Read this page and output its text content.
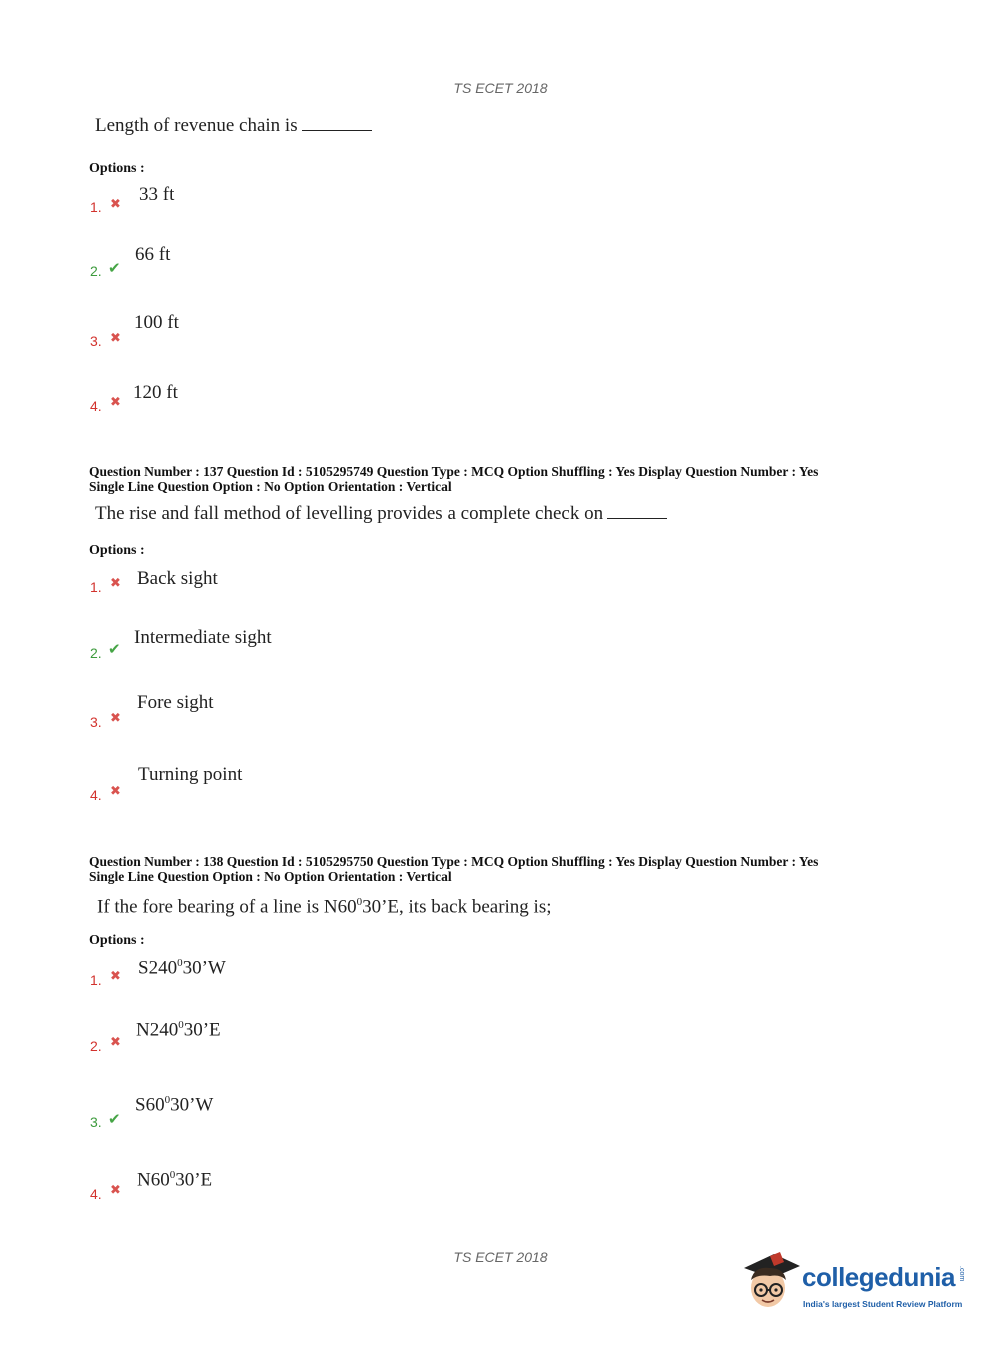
TS ECET 2018
Length of revenue chain is
Options :
1. ✖ 33 ft
2. ✔
66 ft
3. ✖
100 ft
4. ✖ 120 ft
Question Number : 137 Question Id : 5105295749 Question Type : MCQ Option Shuffling : Yes Display Question Number : Yes
Single Line Question Option : No Option Orientation : Vertical
The rise and fall method of levelling provides a complete check on
Options :
1. ✖ Back sight
2. ✔
Intermediate sight
3. ✖
Fore sight
4. ✖
Turning point
Question Number : 138 Question Id : 5105295750 Question Type : MCQ Option Shuffling : Yes Display Question Number : Yes
Single Line Question Option : No Option Orientation : Vertical
If the fore bearing of a line is $N60^030’E$, its back bearing is;
Options :
1. ✖ $S240^030’W$
2. ✖
$N240^030’E$
3. ✔
$S60^030’W$
4. ✖
$N60^030’E$
TS ECET 2018
collegedunia .com
India's largest Student Review Platform
